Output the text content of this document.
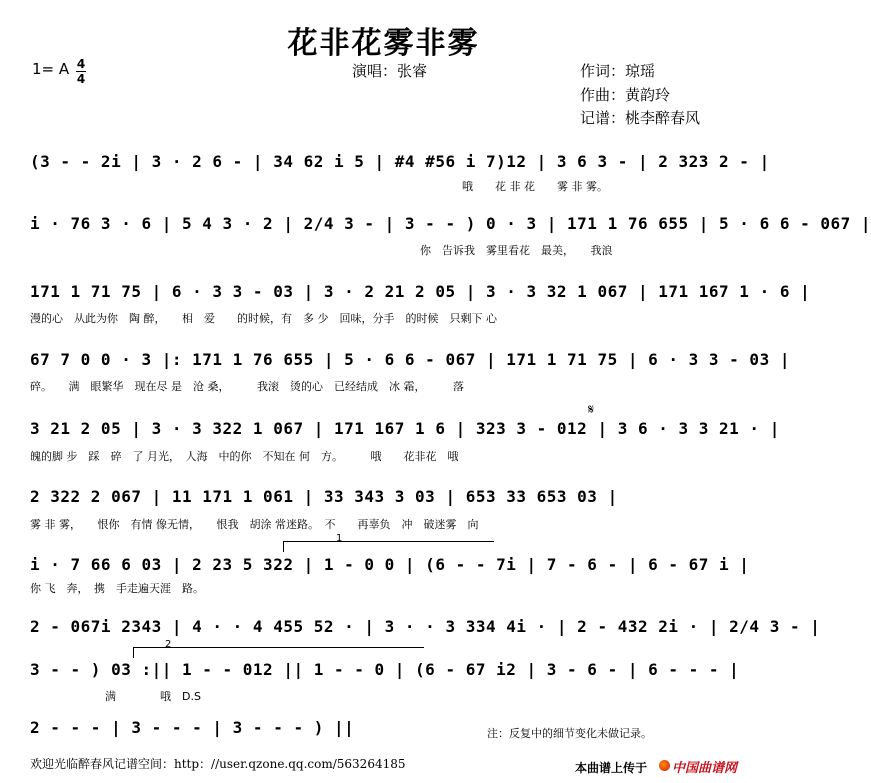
花非花雾非雾
1= A 4
4	演唱：张睿	作词：琼瑶
作曲：黄韵玲
记谱：桃李醉春风
(3 - - 2i | 3 · 2 6 - | 34 62 i 5 | #4 #56 i 7)12 | 3 6 3 - | 2 323 2 - |
哦　　花 非 花　　雾 非 雾。
i · 76 3 · 6 | 5 4 3 · 2 | 2/4 3 - | 3 - - ) 0 · 3 | 171 1 76 655 | 5 · 6 6 - 067 |
你　告诉我　雾里看花　最美，　　我浪
171 1 71 75 | 6 · 3 3 - 03 | 3 · 2 21 2 05 | 3 · 3 32 1 067 | 171 167 1 · 6 |
漫的心　从此为你　陶 醉，　　相　爱　　的时候，有　多 少　回味，分手　的时候　只剩下 心
67 7 0 0 · 3 |: 171 1 76 655 | 5 · 6 6 - 067 | 171 1 71 75 | 6 · 3 3 - 03 |
碎。　　满　眼繁华　现在尽 是　沧 桑，　　　我滚　烫的心　已经结成　冰 霜，　　　落
3 21 2 05 | 3 · 3 322 1 067 | 171 167 1 6 | 323 3 - 012 | 3 6 · 3 3 21 · |
魄的脚 步　踩　碎　了 月光，　人海　中的你　不知在 何　方。　　　哦　　花非花　哦
2 322 2 067 | 11 171 1 061 | 33 343 3 03 | 653 33 653 03 |
雾 非 雾，　　恨你　有情 像无情，　　恨我　胡涂 常迷路。　不　　再辜负　冲　破迷雾　向
1
i · 7 66 6 03 | 2 23 5 322 | 1 - 0 0 | (6 - - 7i | 7 - 6 - | 6 - 67 i |
你 飞　奔，　携　手走遍天涯　路。
2 - 067i 2343 | 4 · · 4 455 52 · | 3 · · 3 334 4i · | 2 - 432 2i · | 2/4 3 - |
2
3 - - ) 03 :|| 1 - - 012 || 1 - - 0 | (6 - 67 i2 | 3 - 6 - | 6 - - - |
满　　　　哦　D.S
2 - - - | 3 - - - | 3 - - - ) ||
𝄋
注：反复中的细节变化未做记录。
欢迎光临醉春风记谱空间：http：//user.qzone.qq.com/563264185	本曲谱上传于 中国曲谱网
